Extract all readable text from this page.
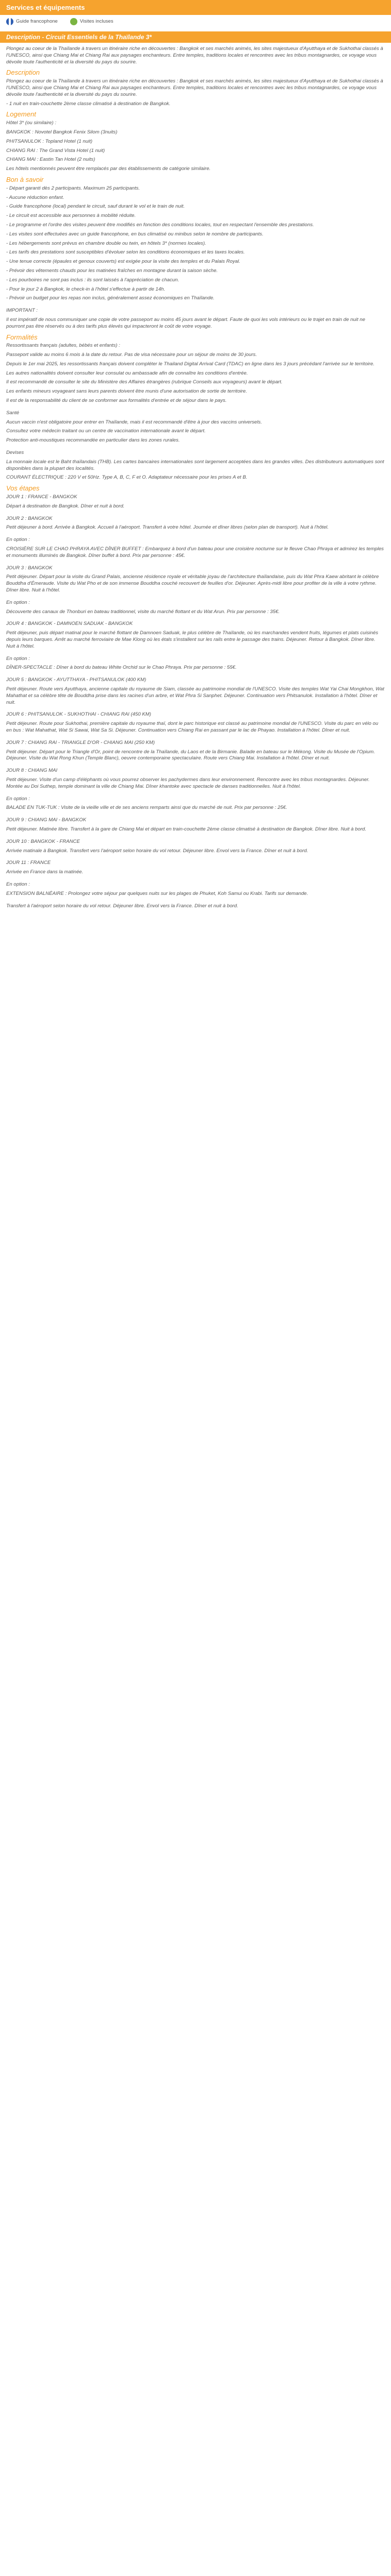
Services et équipements
Guide francophone	Visites incluses
Description - Circuit Essentiels de la Thaïlande 3*

Plongez au coeur de la Thaïlande à travers un itinéraire riche en découvertes : Bangkok et ses marchés animés, les sites majestueux d'Ayutthaya et de Sukhothai classés à l'UNESCO, ainsi que Chiang Mai et Chiang Rai aux paysages enchanteurs. Entre temples, traditions locales et rencontres avec les tribus montagnardes, ce voyage vous dévoile toute l'authenticité et la diversité du pays du sourire.

Description

Plongez au coeur de la Thaïlande à travers un itinéraire riche en découvertes : Bangkok et ses marchés animés, les sites majestueux d'Ayutthaya et de Sukhothai classés à l'UNESCO, ainsi que Chiang Mai et Chiang Rai aux paysages enchanteurs. Entre temples, traditions locales et rencontres avec les tribus montagnardes, ce voyage vous dévoile toute l'authenticité et la diversité du pays du sourire.

- 1 nuit en train-couchette 2ème classe climatisé à destination de Bangkok.

Logement

Hôtel 3* (ou similaire) :

BANGKOK : Novotel Bangkok Fenix Silom (3nuits)

PHITSANULOK : Topland Hotel (1 nuit)

CHIANG RAI : The Grand Vista Hotel (1 nuit)

CHIANG MAI : Eastin Tan Hotel (2 nuits)

Les hôtels mentionnés peuvent être remplacés par des établissements de catégorie similaire.

Bon à savoir

- Départ garanti dès 2 participants. Maximum 25 participants.

- Aucune réduction enfant.

- Guide francophone (local) pendant le circuit, sauf durant le vol et le train de nuit.

- Le circuit est accessible aux personnes à mobilité réduite.

- Le programme et l'ordre des visites peuvent être modifiés en fonction des conditions locales, tout en respectant l'ensemble des prestations.

- Les visites sont effectuées avec un guide francophone, en bus climatisé ou minibus selon le nombre de participants.

- Les hébergements sont prévus en chambre double ou twin, en hôtels 3* (normes locales).

- Les tarifs des prestations sont susceptibles d'évoluer selon les conditions économiques et les taxes locales.

- Une tenue correcte (épaules et genoux couverts) est exigée pour la visite des temples et du Palais Royal.

- Prévoir des vêtements chauds pour les matinées fraîches en montagne durant la saison sèche.

- Les pourboires ne sont pas inclus : ils sont laissés à l'appréciation de chacun.

- Pour le jour 2 à Bangkok, le check-in à l'hôtel s'effectue à partir de 14h.

- Prévoir un budget pour les repas non inclus, généralement assez économiques en Thaïlande.

IMPORTANT :

Il est impératif de nous communiquer une copie de votre passeport au moins 45 jours avant le départ. Faute de quoi les vols intérieurs ou le trajet en train de nuit ne pourront pas être réservés ou à des tarifs plus élevés qui impacteront le coût de votre voyage.

Formalités

Ressortissants français (adultes, bébés et enfants) :

Passeport valide au moins 6 mois à la date du retour. Pas de visa nécessaire pour un séjour de moins de 30 jours.

Depuis le 1er mai 2025, les ressortissants français doivent compléter le Thailand Digital Arrival Card (TDAC) en ligne dans les 3 jours précédant l'arrivée sur le territoire.

Les autres nationalités doivent consulter leur consulat ou ambassade afin de connaître les conditions d'entrée.

Il est recommandé de consulter le site du Ministère des Affaires étrangères (rubrique Conseils aux voyageurs) avant le départ.

Les enfants mineurs voyageant sans leurs parents doivent être munis d'une autorisation de sortie de territoire.

Il est de la responsabilité du client de se conformer aux formalités d'entrée et de séjour dans le pays.

Santé

Aucun vaccin n'est obligatoire pour entrer en Thaïlande, mais il est recommandé d'être à jour des vaccins universels.

Consultez votre médecin traitant ou un centre de vaccination internationale avant le départ.

Protection anti-moustiques recommandée en particulier dans les zones rurales.

Devises

La monnaie locale est le Baht thaïlandais (THB). Les cartes bancaires internationales sont largement acceptées dans les grandes villes. Des distributeurs automatiques sont disponibles dans la plupart des localités.

COURANT ÉLECTRIQUE : 220 V et 50Hz. Type A, B, C, F et O. Adaptateur nécessaire pour les prises A et B.

Vos étapes

JOUR 1 : FRANCE - BANGKOK

Départ à destination de Bangkok. Dîner et nuit à bord.

JOUR 2 : BANGKOK

Petit déjeuner à bord. Arrivée à Bangkok. Accueil à l'aéroport. Transfert à votre hôtel. Journée et dîner libres (selon plan de transport). Nuit à l'hôtel.

En option :

CROISIÈRE SUR LE CHAO PHRAYA AVEC DÎNER BUFFET : Embarquez à bord d'un bateau pour une croisière nocturne sur le fleuve Chao Phraya et admirez les temples et monuments illuminés de Bangkok. Dîner buffet à bord. Prix par personne : 45€.

JOUR 3 : BANGKOK

Petit déjeuner. Départ pour la visite du Grand Palais, ancienne résidence royale et véritable joyau de l'architecture thaïlandaise, puis du Wat Phra Kaew abritant le célèbre Bouddha d'Émeraude. Visite du Wat Pho et de son immense Bouddha couché recouvert de feuilles d'or. Déjeuner. Après-midi libre pour profiter de la ville à votre rythme. Dîner libre. Nuit à l'hôtel.

En option :

Découverte des canaux de Thonburi en bateau traditionnel, visite du marché flottant et du Wat Arun. Prix par personne : 35€.

JOUR 4 : BANGKOK - DAMNOEN SADUAK - BANGKOK

Petit déjeuner, puis départ matinal pour le marché flottant de Damnoen Saduak, le plus célèbre de Thaïlande, où les marchandes vendent fruits, légumes et plats cuisinés depuis leurs barques. Arrêt au marché ferroviaire de Mae Klong où les étals s'installent sur les rails entre le passage des trains. Déjeuner. Retour à Bangkok. Dîner libre. Nuit à l'hôtel.

En option :

DÎNER-SPECTACLE : Dîner à bord du bateau White Orchid sur le Chao Phraya. Prix par personne : 55€.

JOUR 5 : BANGKOK - AYUTTHAYA - PHITSANULOK (400 KM)

Petit déjeuner. Route vers Ayutthaya, ancienne capitale du royaume de Siam, classée au patrimoine mondial de l'UNESCO. Visite des temples Wat Yai Chai Mongkhon, Wat Mahathat et sa célèbre tête de Bouddha prise dans les racines d'un arbre, et Wat Phra Si Sanphet. Déjeuner. Continuation vers Phitsanulok. Installation à l'hôtel. Dîner et nuit.

JOUR 6 : PHITSANULOK - SUKHOTHAI - CHIANG RAI (450 KM)

Petit déjeuner. Route pour Sukhothai, première capitale du royaume thaï, dont le parc historique est classé au patrimoine mondial de l'UNESCO. Visite du parc en vélo ou en bus : Wat Mahathat, Wat Si Sawai, Wat Sa Si. Déjeuner. Continuation vers Chiang Rai en passant par le lac de Phayao. Installation à l'hôtel. Dîner et nuit.

JOUR 7 : CHIANG RAI - TRIANGLE D'OR - CHIANG MAI (250 KM)

Petit déjeuner. Départ pour le Triangle d'Or, point de rencontre de la Thaïlande, du Laos et de la Birmanie. Balade en bateau sur le Mékong. Visite du Musée de l'Opium. Déjeuner. Visite du Wat Rong Khun (Temple Blanc), oeuvre contemporaine spectaculaire. Route vers Chiang Mai. Installation à l'hôtel. Dîner et nuit.

JOUR 8 : CHIANG MAI

Petit déjeuner. Visite d'un camp d'éléphants où vous pourrez observer les pachydermes dans leur environnement. Rencontre avec les tribus montagnardes. Déjeuner. Montée au Doi Suthep, temple dominant la ville de Chiang Mai. Dîner khantoke avec spectacle de danses traditionnelles. Nuit à l'hôtel.

En option :

BALADE EN TUK-TUK : Visite de la vieille ville et de ses anciens remparts ainsi que du marché de nuit. Prix par personne : 25€.

JOUR 9 : CHIANG MAI - BANGKOK

Petit déjeuner. Matinée libre. Transfert à la gare de Chiang Mai et départ en train-couchette 2ème classe climatisé à destination de Bangkok. Dîner libre. Nuit à bord.

JOUR 10 : BANGKOK - FRANCE

Arrivée matinale à Bangkok. Transfert vers l'aéroport selon horaire du vol retour. Déjeuner libre. Envol vers la France. Dîner et nuit à bord.

JOUR 11 : FRANCE

Arrivée en France dans la matinée.

En option :

EXTENSION BALNÉAIRE : Prolongez votre séjour par quelques nuits sur les plages de Phuket, Koh Samui ou Krabi. Tarifs sur demande.

Transfert à l'aéroport selon horaire du vol retour. Déjeuner libre. Envol vers la France. Dîner et nuit à bord.
